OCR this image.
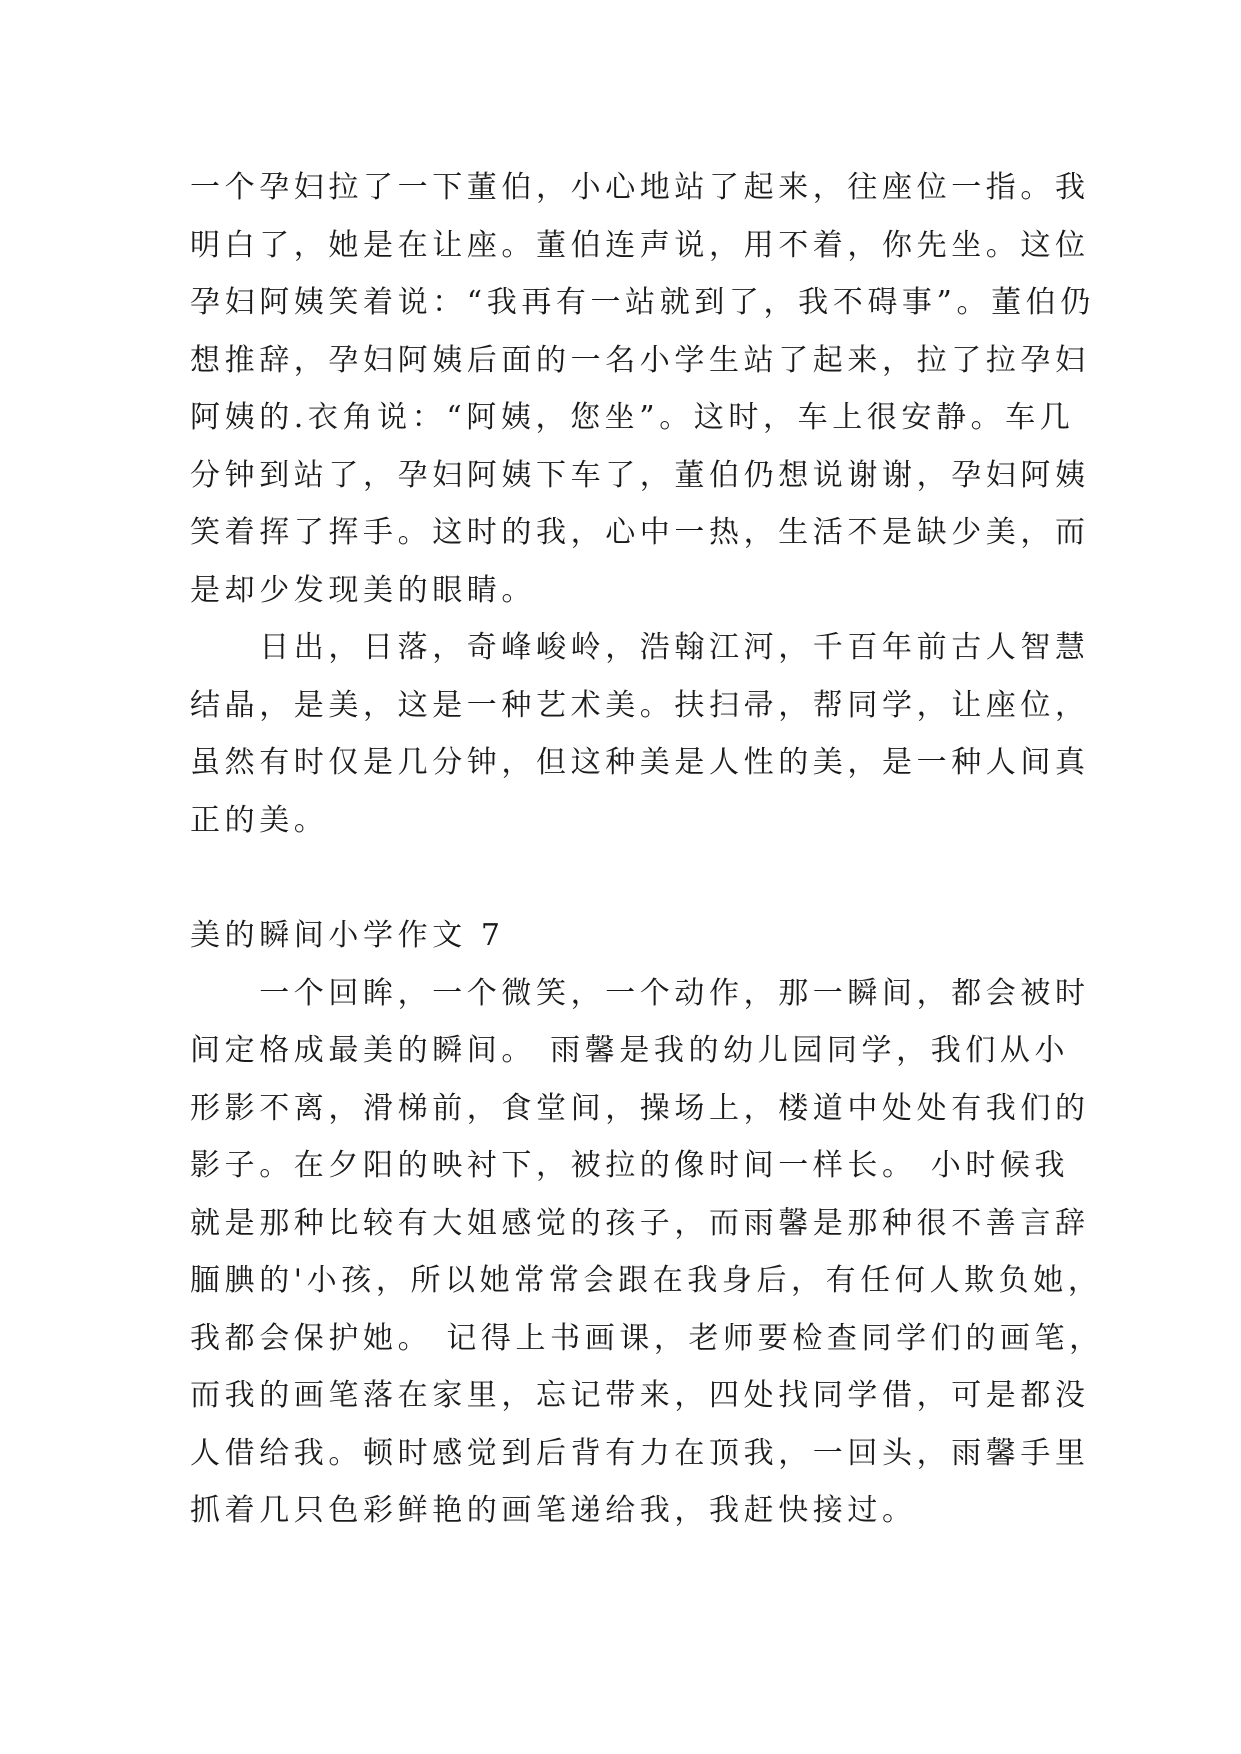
一个孕妇拉了一下董伯，小心地站了起来，往座位一指。我
明白了，她是在让座。董伯连声说，用不着，你先坐。这位
孕妇阿姨笑着说：“我再有一站就到了，我不碍事”。董伯仍
想推辞，孕妇阿姨后面的一名小学生站了起来，拉了拉孕妇
阿姨的.衣角说：“阿姨，您坐”。这时，车上很安静。车几
分钟到站了，孕妇阿姨下车了，董伯仍想说谢谢，孕妇阿姨
笑着挥了挥手。这时的我，心中一热，生活不是缺少美，而
是却少发现美的眼睛。
　　日出，日落，奇峰峻岭，浩翰江河，千百年前古人智慧
结晶，是美，这是一种艺术美。扶扫帚，帮同学，让座位，
虽然有时仅是几分钟，但这种美是人性的美，是一种人间真
正的美。
美的瞬间小学作文 7
　　一个回眸，一个微笑，一个动作，那一瞬间，都会被时
间定格成最美的瞬间。 雨馨是我的幼儿园同学，我们从小
形影不离，滑梯前，食堂间，操场上，楼道中处处有我们的
影子。在夕阳的映衬下，被拉的像时间一样长。 小时候我
就是那种比较有大姐感觉的孩子，而雨馨是那种很不善言辞
腼腆的'小孩，所以她常常会跟在我身后，有任何人欺负她，
我都会保护她。 记得上书画课，老师要检查同学们的画笔，
而我的画笔落在家里，忘记带来，四处找同学借，可是都没
人借给我。顿时感觉到后背有力在顶我，一回头，雨馨手里
抓着几只色彩鲜艳的画笔递给我，我赶快接过。
